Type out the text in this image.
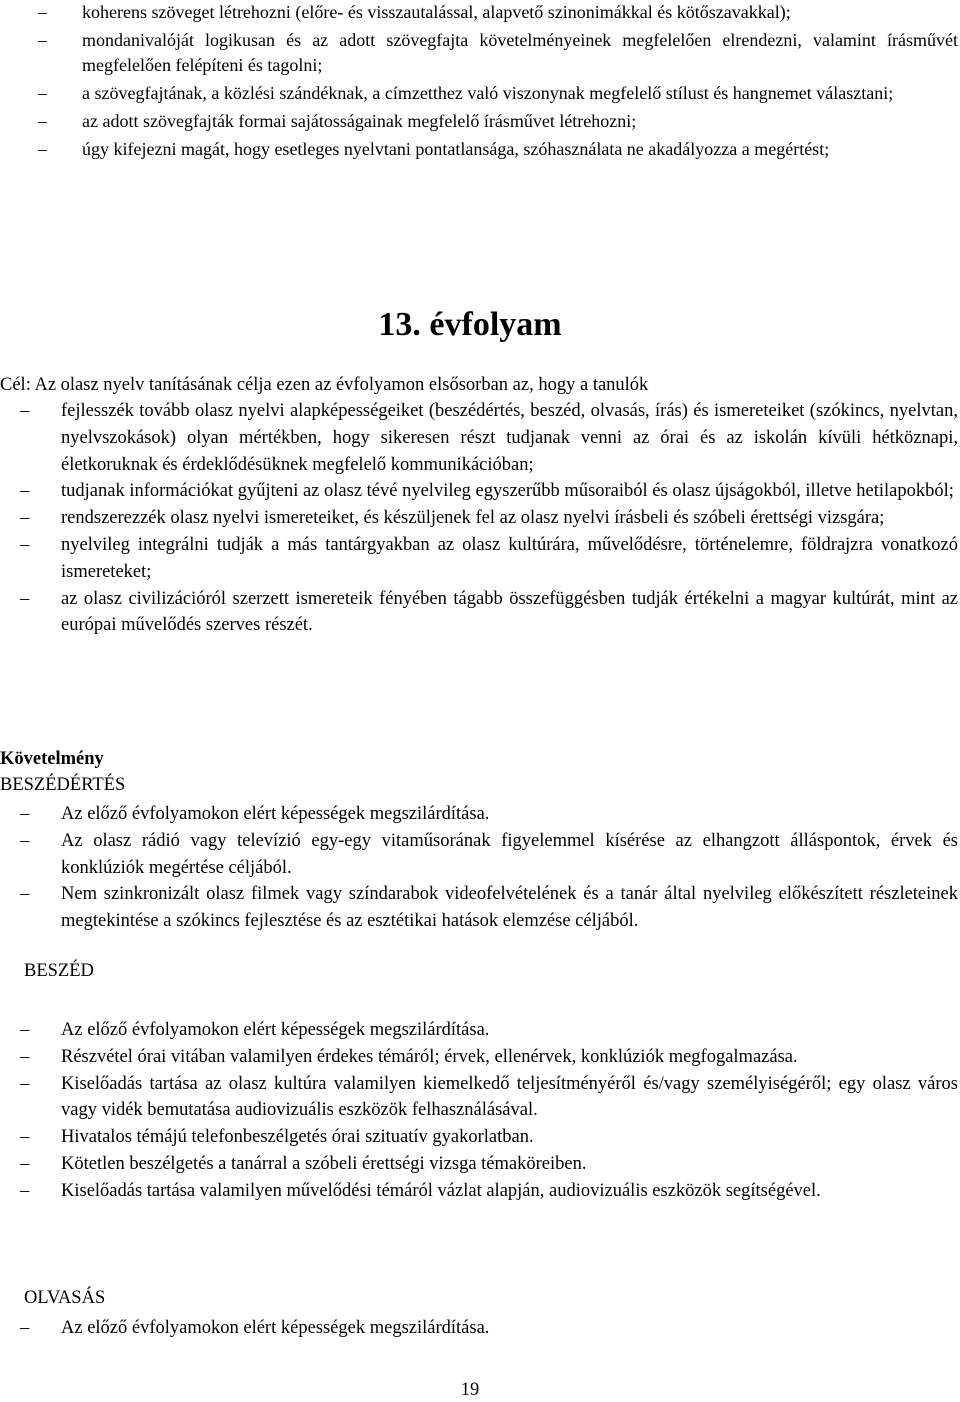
– koherens szöveget létrehozni (előre- és visszautalással, alapvető szinonimákkal és kötőszavakkal);
– mondanivalóját logikusan és az adott szövegfajta követelményeinek megfelelően elrendezni, valamint írásművét megfelelően felépíteni és tagolni;
– a szövegfajtának, a közlési szándéknak, a címzetthez való viszonynak megfelelő stílust és hangnemet választani;
– az adott szövegfajták formai sajátosságainak megfelelő írásművet létrehozni;
– úgy kifejezni magát, hogy esetleges nyelvtani pontatlansága, szóhasználata ne akadályozza a megértést;
13. évfolyam
Cél: Az olasz nyelv tanításának célja ezen az évfolyamon elsősorban az, hogy a tanulók
– fejlesszék tovább olasz nyelvi alapképességeiket (beszédértés, beszéd, olvasás, írás) és ismereteiket (szókincs, nyelvtan, nyelvszokások) olyan mértékben, hogy sikeresen részt tudjanak venni az órai és az iskolán kívüli hétköznapi, életkoruknak és érdeklődésüknek megfelelő kommunikációban;
– tudjanak információkat gyűjteni az olasz tévé nyelvileg egyszerűbb műsoraiból és olasz újságokból, illetve hetilapokból;
– rendszerezzék olasz nyelvi ismereteiket, és készüljenek fel az olasz nyelvi írásbeli és szóbeli érettségi vizsgára;
– nyelvileg integrálni tudják a más tantárgyakban az olasz kultúrára, művelődésre, történelemre, földrajzra vonatkozó ismereteket;
– az olasz civilizációról szerzett ismereteik fényében tágabb összefüggésben tudják értékelni a magyar kultúrát, mint az európai művelődés szerves részét.
Követelmény
BESZÉDÉRTÉS
– Az előző évfolyamokon elért képességek megszilárdítása.
– Az olasz rádió vagy televízió egy-egy vitaműsorának figyelemmel kísérése az elhangzott álláspontok, érvek és konklúziók megértése céljából.
– Nem szinkronizált olasz filmek vagy színdarabok videofelvételének és a tanár által nyelvileg előkészített részleteinek megtekintése a szókincs fejlesztése és az esztétikai hatások elemzése céljából.
BESZÉD
– Az előző évfolyamokon elért képességek megszilárdítása.
– Részvétel órai vitában valamilyen érdekes témáról; érvek, ellenérvek, konklúziók megfogalmazása.
– Kiselőadás tartása az olasz kultúra valamilyen kiemelkedő teljesítményéről és/vagy személyiségéről; egy olasz város vagy vidék bemutatása audiovizuális eszközök felhasználásával.
– Hivatalos témájú telefonbeszélgetés órai szituatív gyakorlatban.
– Kötetlen beszélgetés a tanárral a szóbeli érettségi vizsga témaköreiben.
– Kiselőadás tartása valamilyen művelődési témáról vázlat alapján, audiovizuális eszközök segítségével.
OLVASÁS
– Az előző évfolyamokon elért képességek megszilárdítása.
19
